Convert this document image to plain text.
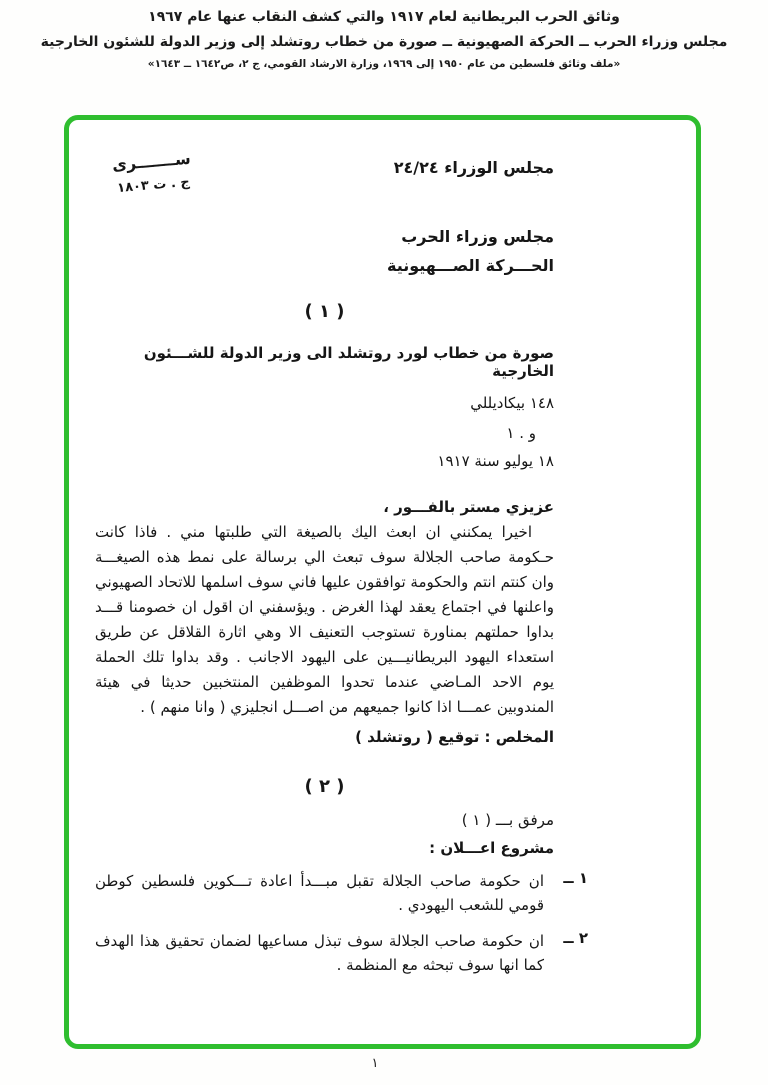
وثائق الحرب البريطانية لعام ١٩١٧ والتي كشف النقاب عنها عام ١٩٦٧
مجلس وزراء الحرب ــ الحركة الصهيونية ــ صورة من خطاب روتشلد إلى وزير الدولة للشئون الخارجية
«ملف وثائق فلسطين من عام ١٩٥٠ إلى ١٩٦٩، وزارة الارشاد القومي، ج ٢، ص١٦٤٢ ــ ١٦٤٣»
مجلس الوزراء ٢٤/٢٤
ســـــــرى
ج . ت ١٨٠٣
مجلس وزراء الحرب
الحـــركة الصـــهيونية
( ١ )
صورة من خطاب لورد روتشلد الى وزير الدولة للشـــئون الخارجية
١٤٨ بيكاديللي
و . ١
١٨ يوليو سنة ١٩١٧
عزيزي مستر بالفـــور ،
اخيرا يمكنني ان ابعث اليك بالصيغة التي طلبتها مني . فاذا كانت حـكومة صاحب الجلالة سوف تبعث الي برسالة على نمط هذه الصيغـــة وان كنتم انتم والحكومة توافقون عليها فاني سوف اسلمها للاتحاد الصهيوني واعلنها في اجتماع يعقد لهذا الغرض . ويؤسفني ان اقول ان خصومنا قـــد بداوا حملتهم بمناورة تستوجب التعنيف الا وهي اثارة القلاقل عن طريق استعداء اليهود البريطانيـــين على اليهود الاجانب . وقد بداوا تلك الحملة يوم الاحد المـاضي عندما تحدوا الموظفين المنتخبين حديثا في هيئة المندوبين عمـــا اذا كانوا جميعهم من اصـــل انجليزي ( وانا منهم ) .
المخلص : توقيع ( روتشلد )
( ٢ )
مرفق بـــ ( ١ )
مشروع اعـــلان :
١ ــ
ان حكومة صاحب الجلالة تقبل مبـــدأ اعادة تـــكوين فلسطين كوطن قومي للشعب اليهودي .
٢ ــ
ان حكومة صاحب الجلالة سوف تبذل مساعيها لضمان تحقيق هذا الهدف كما انها سوف تبحثه مع المنظمة .
١
